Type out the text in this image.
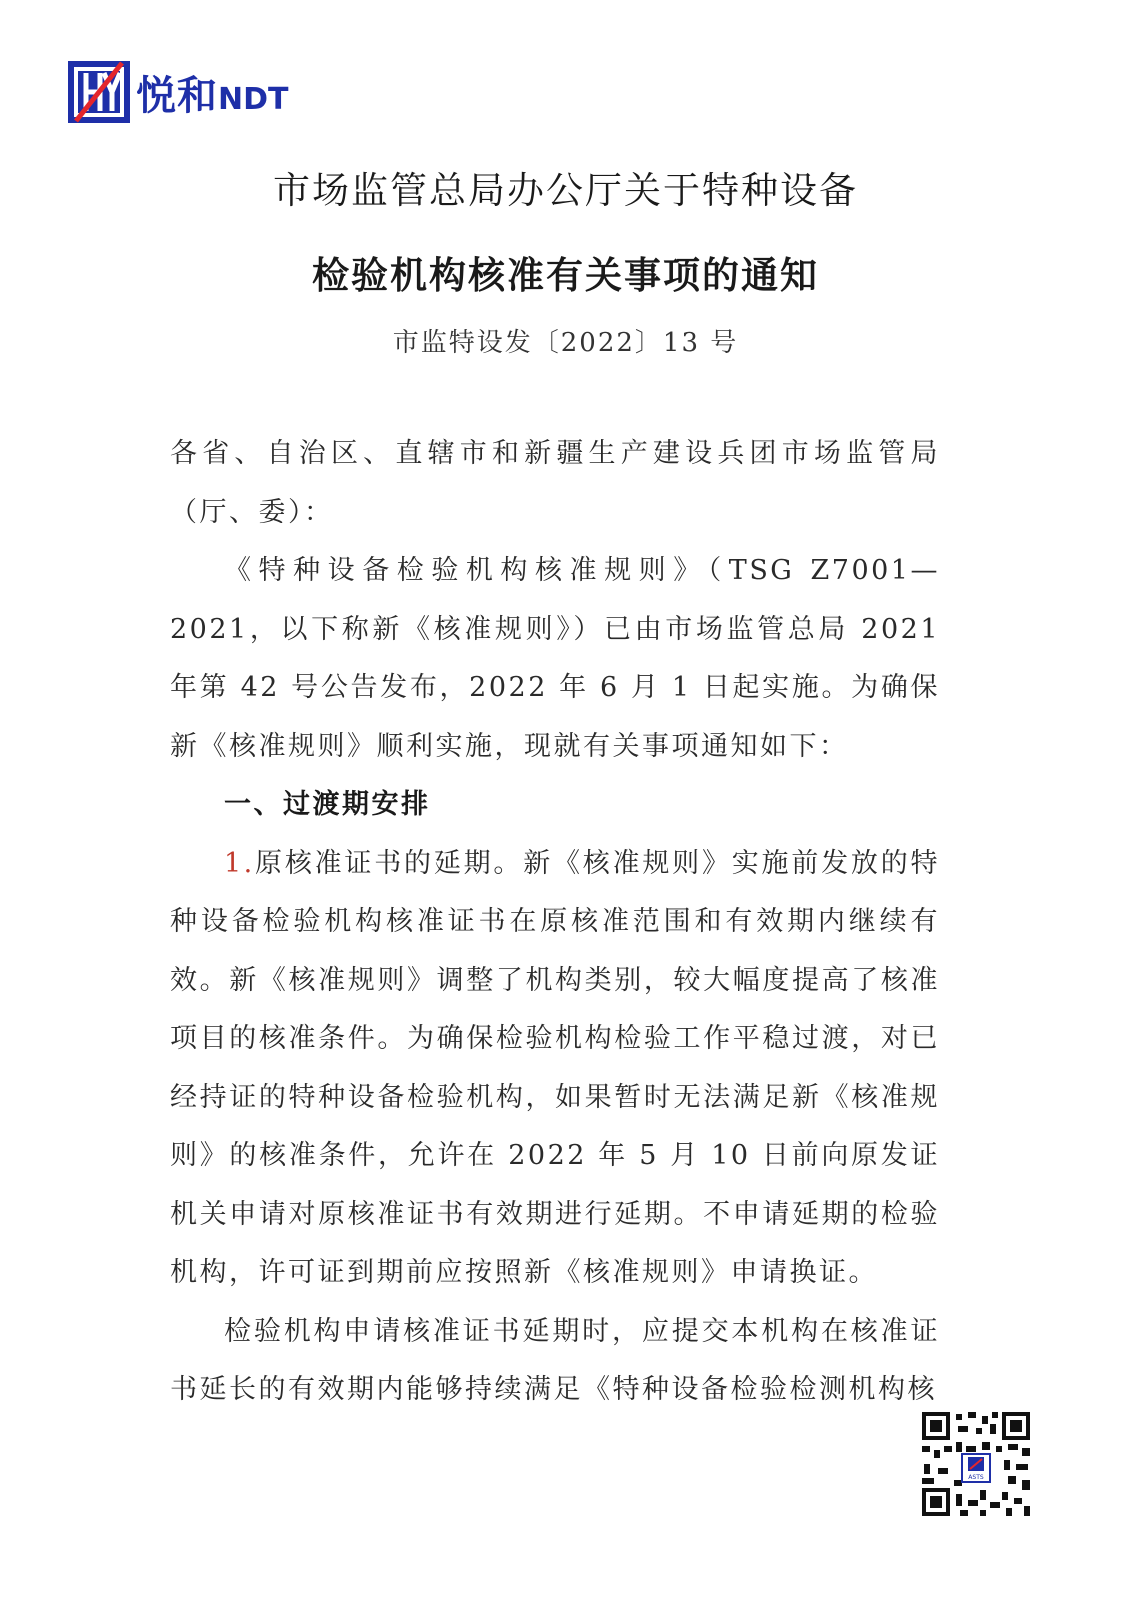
悦和NDT
市场监管总局办公厅关于特种设备
检验机构核准有关事项的通知
市监特设发〔2022〕13 号

各省、自治区、直辖市和新疆生产建设兵团市场监管局（厅、委）：

《特种设备检验机构核准规则》（TSG Z7001—2021，以下称新《核准规则》）已由市场监管总局 2021 年第 42 号公告发布，2022 年 6 月 1 日起实施。为确保新《核准规则》顺利实施，现就有关事项通知如下：

一、过渡期安排

1.原核准证书的延期。新《核准规则》实施前发放的特种设备检验机构核准证书在原核准范围和有效期内继续有效。新《核准规则》调整了机构类别，较大幅度提高了核准项目的核准条件。为确保检验机构检验工作平稳过渡，对已经持证的特种设备检验机构，如果暂时无法满足新《核准规则》的核准条件，允许在 2022 年 5 月 10 日前向原发证机关申请对原核准证书有效期进行延期。不申请延期的检验机构，许可证到期前应按照新《核准规则》申请换证。

检验机构申请核准证书延期时，应提交本机构在核准证书延长的有效期内能够持续满足《特种设备检验检测机构核

ASTS
